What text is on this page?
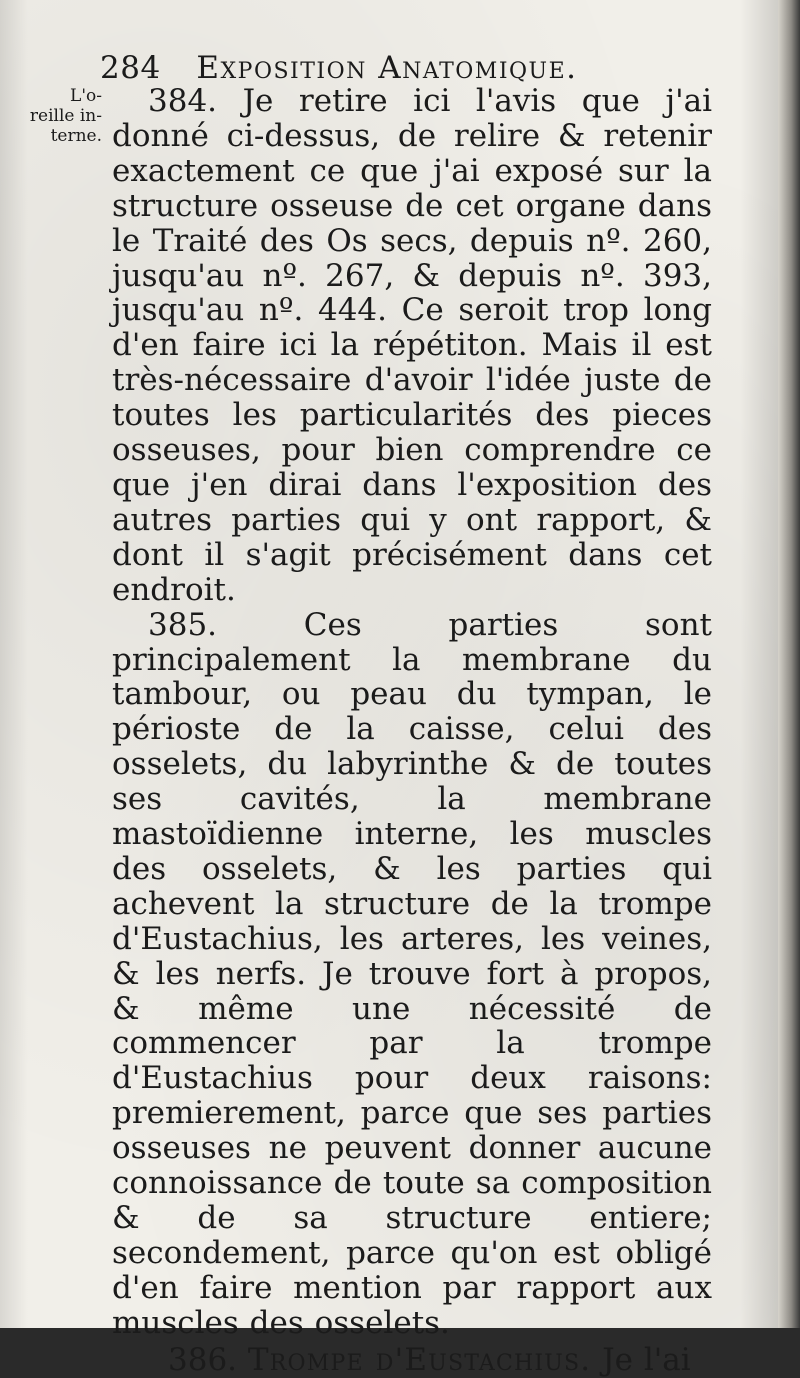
284 Exposition Anatomique.
L'o-
reille in-
terne.

384. Je retire ici l'avis que j'ai donné ci-dessus, de relire & retenir exactement ce que j'ai exposé sur la structure osseuse de cet organe dans le Traité des Os secs, depuis nº. 260, jusqu'au nº. 267, & depuis nº. 393, jusqu'au nº. 444. Ce seroit trop long d'en faire ici la répétiton. Mais il est très-nécessaire d'avoir l'idée juste de toutes les particularités des pieces osseuses, pour bien comprendre ce que j'en dirai dans l'exposition des autres parties qui y ont rapport, & dont il s'agit précisément dans cet endroit.

385. Ces parties sont principalement la membrane du tambour, ou peau du tympan, le périoste de la caisse, celui des osselets, du labyrinthe & de toutes ses cavités, la membrane mastoïdienne interne, les muscles des osselets, & les parties qui achevent la structure de la trompe d'Eustachius, les arteres, les veines, & les nerfs. Je trouve fort à propos, & même une nécessité de commencer par la trompe d'Eustachius pour deux raisons: premierement, parce que ses parties osseuses ne peuvent donner aucune connoissance de toute sa composition & de sa structure entiere; secondement, parce qu'on est obligé d'en faire mention par rapport aux muscles des osselets.

386. Trompe d'Eustachius. Je l'ai
